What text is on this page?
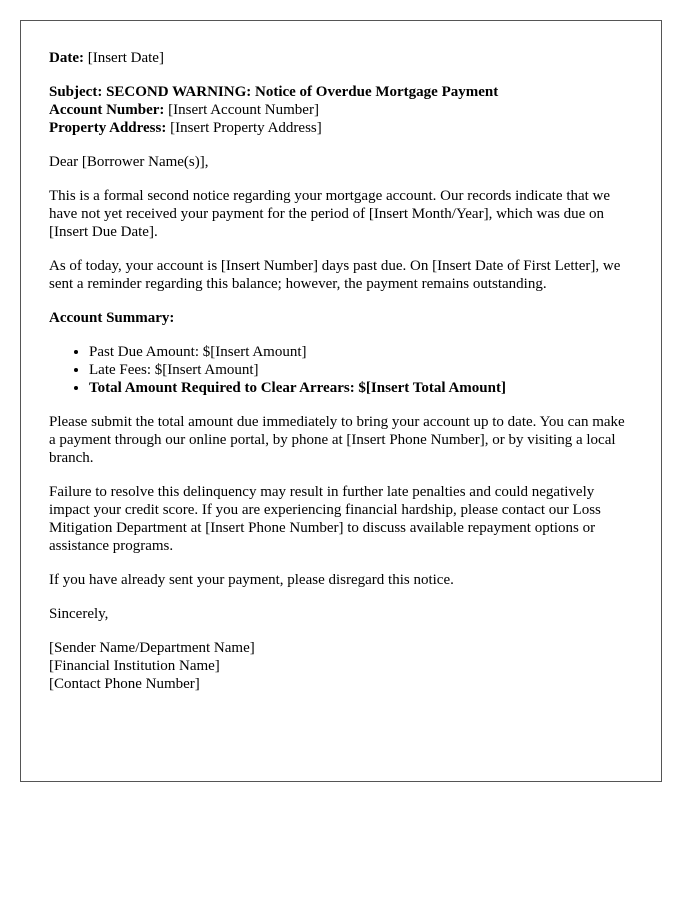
Date: [Insert Date]

Subject: SECOND WARNING: Notice of Overdue Mortgage Payment
Account Number: [Insert Account Number]
Property Address: [Insert Property Address]

Dear [Borrower Name(s)],

This is a formal second notice regarding your mortgage account. Our records indicate that we have not yet received your payment for the period of [Insert Month/Year], which was due on [Insert Due Date].

As of today, your account is [Insert Number] days past due. On [Insert Date of First Letter], we sent a reminder regarding this balance; however, the payment remains outstanding.

Account Summary:

• Past Due Amount: $[Insert Amount]
• Late Fees: $[Insert Amount]
• Total Amount Required to Clear Arrears: $[Insert Total Amount]

Please submit the total amount due immediately to bring your account up to date. You can make a payment through our online portal, by phone at [Insert Phone Number], or by visiting a local branch.

Failure to resolve this delinquency may result in further late penalties and could negatively impact your credit score. If you are experiencing financial hardship, please contact our Loss Mitigation Department at [Insert Phone Number] to discuss available repayment options or assistance programs.

If you have already sent your payment, please disregard this notice.

Sincerely,

[Sender Name/Department Name]
[Financial Institution Name]
[Contact Phone Number]
